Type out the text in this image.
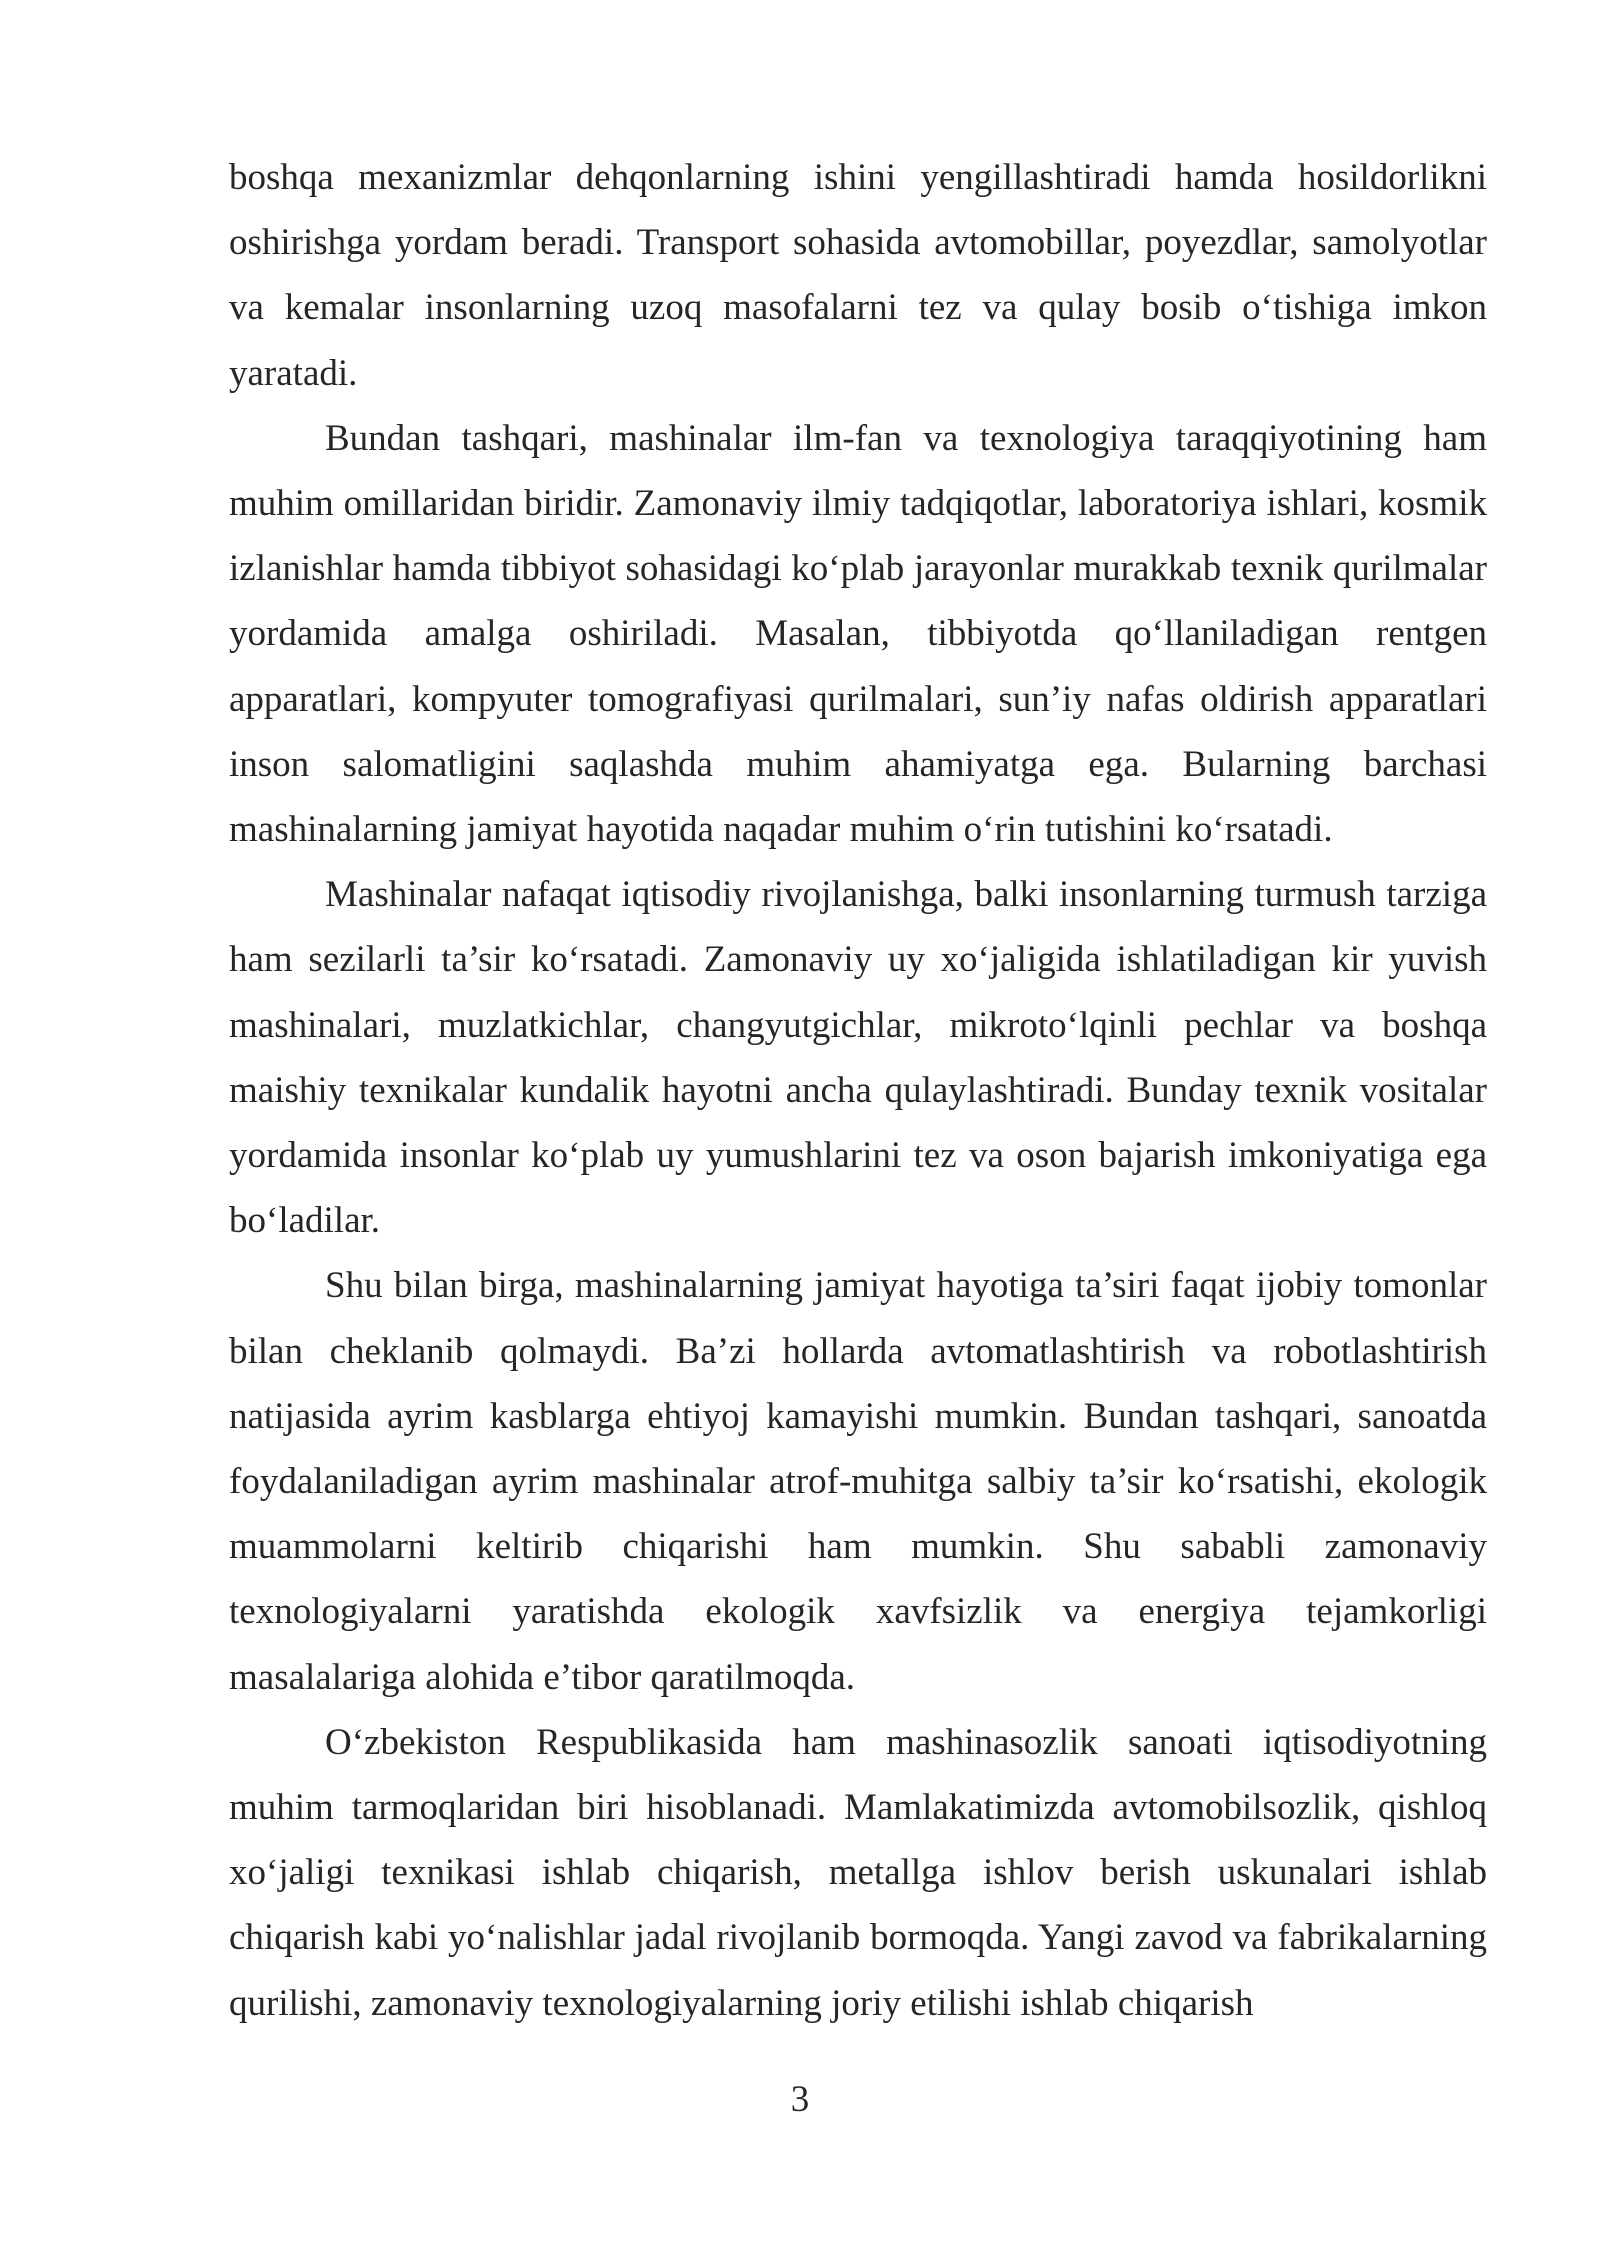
boshqa mexanizmlar dehqonlarning ishini yengillashtiradi hamda hosildorlikni oshirishga yordam beradi. Transport sohasida avtomobillar, poyezdlar, samolyotlar va kemalar insonlarning uzoq masofalarni tez va qulay bosib oʻtishiga imkon yaratadi.

Bundan tashqari, mashinalar ilm-fan va texnologiya taraqqiyotining ham muhim omillaridan biridir. Zamonaviy ilmiy tadqiqotlar, laboratoriya ishlari, kosmik izlanishlar hamda tibbiyot sohasidagi koʻplab jarayonlar murakkab texnik qurilmalar yordamida amalga oshiriladi. Masalan, tibbiyotda qoʻllaniladigan rentgen apparatlari, kompyuter tomografiyasi qurilmalari, sun’iy nafas oldirish apparatlari inson salomatligini saqlashda muhim ahamiyatga ega. Bularning barchasi mashinalarning jamiyat hayotida naqadar muhim oʻrin tutishini koʻrsatadi.

Mashinalar nafaqat iqtisodiy rivojlanishga, balki insonlarning turmush tarziga ham sezilarli ta’sir koʻrsatadi. Zamonaviy uy xoʻjaligida ishlatiladigan kir yuvish mashinalari, muzlatkichlar, changyutgichlar, mikrotoʻlqinli pechlar va boshqa maishiy texnikalar kundalik hayotni ancha qulaylashtiradi. Bunday texnik vositalar yordamida insonlar koʻplab uy yumushlarini tez va oson bajarish imkoniyatiga ega boʻladilar.

Shu bilan birga, mashinalarning jamiyat hayotiga ta’siri faqat ijobiy tomonlar bilan cheklanib qolmaydi. Ba’zi hollarda avtomatlashtirish va robotlashtirish natijasida ayrim kasblarga ehtiyoj kamayishi mumkin. Bundan tashqari, sanoatda foydalaniladigan ayrim mashinalar atrof-muhitga salbiy ta’sir koʻrsatishi, ekologik muammolarni keltirib chiqarishi ham mumkin. Shu sababli zamonaviy texnologiyalarni yaratishda ekologik xavfsizlik va energiya tejamkorligi masalalariga alohida e’tibor qaratilmoqda.

Oʻzbekiston Respublikasida ham mashinasozlik sanoati iqtisodiyotning muhim tarmoqlaridan biri hisoblanadi. Mamlakatimizda avtomobilsozlik, qishloq xoʻjaligi texnikasi ishlab chiqarish, metallga ishlov berish uskunalari ishlab chiqarish kabi yoʻnalishlar jadal rivojlanib bormoqda. Yangi zavod va fabrikalarning qurilishi, zamonaviy texnologiyalarning joriy etilishi ishlab chiqarish

3
